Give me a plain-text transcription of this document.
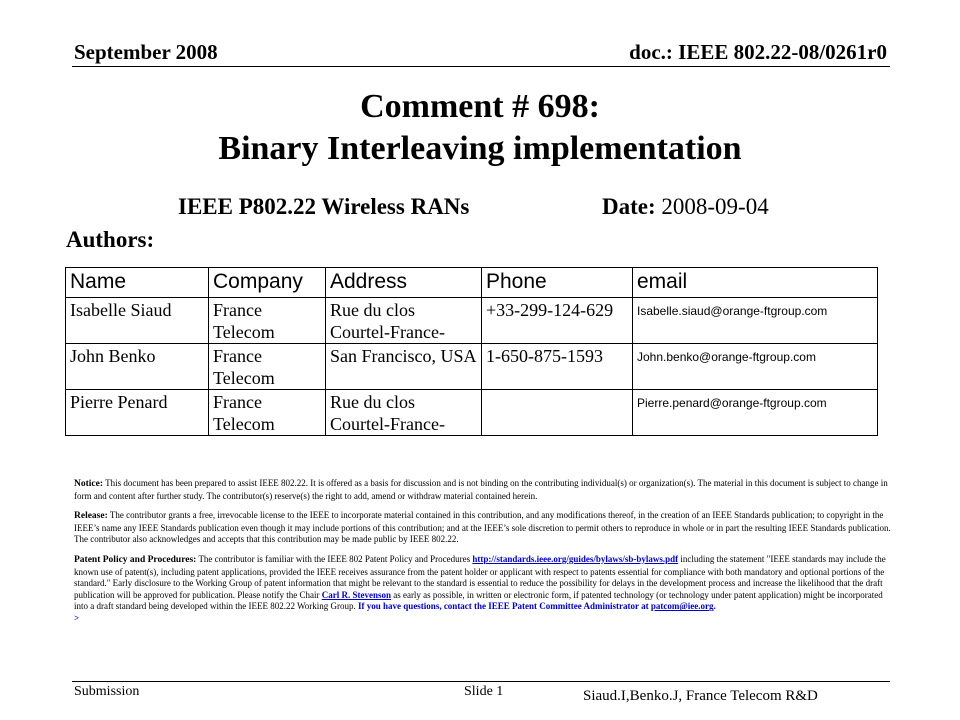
September 2008	doc.: IEEE 802.22-08/0261r0
Comment # 698:
Binary Interleaving implementation
IEEE P802.22 Wireless RANs	Date: 2008-09-04
Authors:
Name	Company	Address	Phone	email
Isabelle Siaud	France Telecom	Rue du clos Courtel-France-	+33-299-124-629	Isabelle.siaud@orange-ftgroup.com
John Benko	France Telecom	San Francisco, USA	1-650-875-1593	John.benko@orange-ftgroup.com
Pierre Penard	France Telecom	Rue du clos Courtel-France-		Pierre.penard@orange-ftgroup.com

Notice: This document has been prepared to assist IEEE 802.22. It is offered as a basis for discussion and is not binding on the contributing individual(s) or organization(s). The material in this document is subject to change in form and content after further study. The contributor(s) reserve(s) the right to add, amend or withdraw material contained herein.

Release: The contributor grants a free, irrevocable license to the IEEE to incorporate material contained in this contribution, and any modifications thereof, in the creation of an IEEE Standards publication; to copyright in the IEEE’s name any IEEE Standards publication even though it may include portions of this contribution; and at the IEEE’s sole discretion to permit others to reproduce in whole or in part the resulting IEEE Standards publication. The contributor also acknowledges and accepts that this contribution may be made public by IEEE 802.22.

Patent Policy and Procedures: The contributor is familiar with the IEEE 802 Patent Policy and Procedures http://standards.ieee.org/guides/bylaws/sb-bylaws.pdf including the statement "IEEE standards may include the known use of patent(s), including patent applications, provided the IEEE receives assurance from the patent holder or applicant with respect to patents essential for compliance with both mandatory and optional portions of the standard." Early disclosure to the Working Group of patent information that might be relevant to the standard is essential to reduce the possibility for delays in the development process and increase the likelihood that the draft publication will be approved for publication. Please notify the Chair Carl R. Stevenson as early as possible, in written or electronic form, if patented technology (or technology under patent application) might be incorporated into a draft standard being developed within the IEEE 802.22 Working Group. If you have questions, contact the IEEE Patent Committee Administrator at patcom@iee.org.
>

Submission	Slide 1	Siaud.I,Benko.J, France Telecom R&D
